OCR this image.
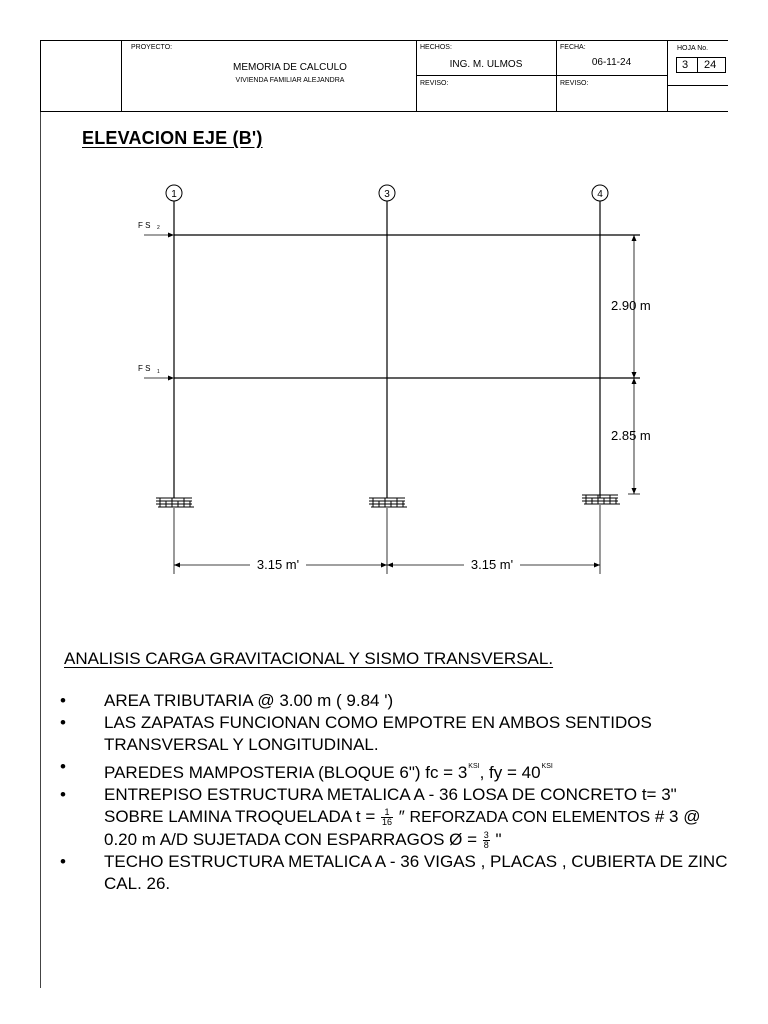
PROYECTO:
MEMORIA DE CALCULO
VIVIENDA FAMILIAR ALEJANDRA
HECHOS:
ING. M. ULMOS
REVISO:
FECHA:
06-11-24
REVISO:
HOJA No.
3 24
ELEVACION EJE (B')
1	3	4
F S 2
F S 1
2.90 m
2.85 m
3.15 m'	3.15 m'
ANALISIS CARGA GRAVITACIONAL Y SISMO TRANSVERSAL.
• AREA TRIBUTARIA @ 3.00 m ( 9.84 ')
• LAS ZAPATAS FUNCIONAN COMO EMPOTRE EN AMBOS SENTIDOS TRANSVERSAL Y LONGITUDINAL.
• PAREDES MAMPOSTERIA (BLOQUE 6") fc = $3^{KSI}$, fy = $40^{KSI}$
• ENTREPISO ESTRUCTURA METALICA A - 36 LOSA DE CONCRETO t= 3" SOBRE LAMINA TROQUELADA $t = \frac{1}{16}$ ″ REFORZADA CON ELEMENTOS # 3 @ 0.20 m A/D SUJETADA CON ESPARRAGOS Ø = $\frac{3}{8}$ "
• TECHO ESTRUCTURA METALICA A - 36 VIGAS , PLACAS , CUBIERTA DE ZINC CAL. 26.
